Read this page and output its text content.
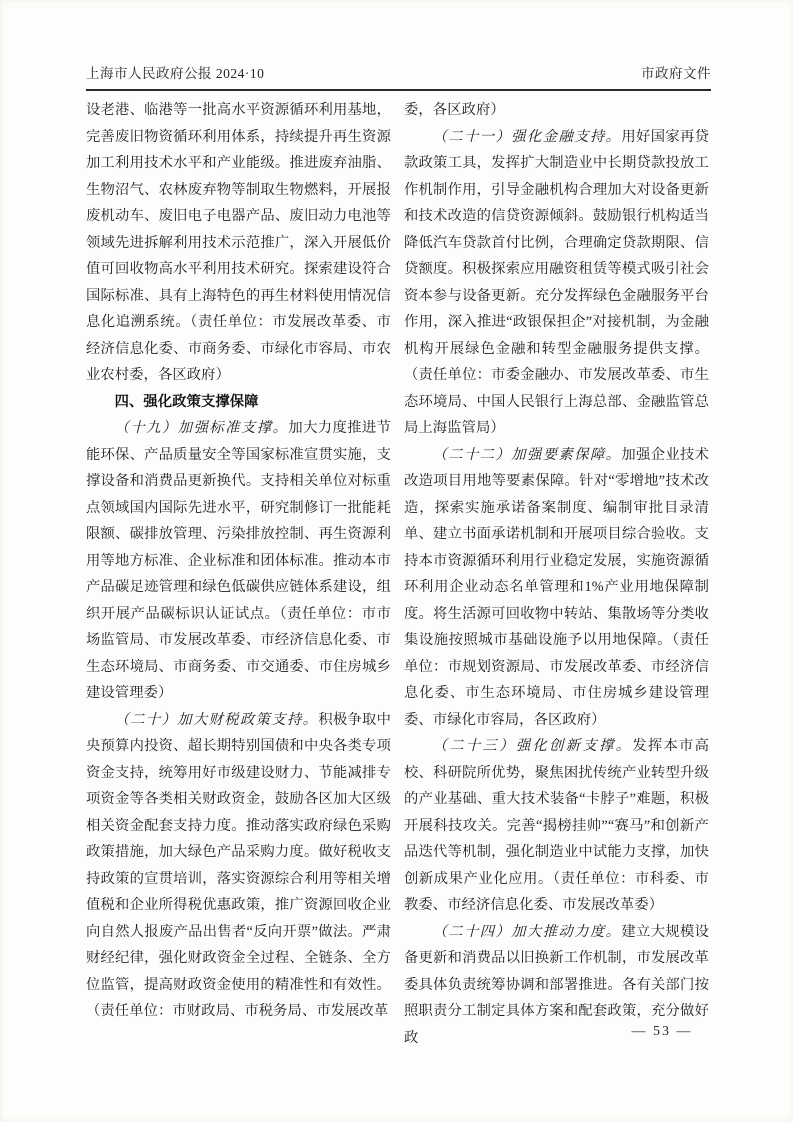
上海市人民政府公报 2024·10	市政府文件

设老港、临港等一批高水平资源循环利用基地，完善废旧物资循环利用体系，持续提升再生资源加工利用技术水平和产业能级。推进废弃油脂、生物沼气、农林废弃物等制取生物燃料，开展报废机动车、废旧电子电器产品、废旧动力电池等领域先进拆解利用技术示范推广，深入开展低价值可回收物高水平利用技术研究。探索建设符合国际标准、具有上海特色的再生材料使用情况信息化追溯系统。（责任单位：市发展改革委、市经济信息化委、市商务委、市绿化市容局、市农业农村委，各区政府）

四、强化政策支撑保障

（十九）加强标准支撑。加大力度推进节能环保、产品质量安全等国家标准宣贯实施，支撑设备和消费品更新换代。支持相关单位对标重点领域国内国际先进水平，研究制修订一批能耗限额、碳排放管理、污染排放控制、再生资源利用等地方标准、企业标准和团体标准。推动本市产品碳足迹管理和绿色低碳供应链体系建设，组织开展产品碳标识认证试点。（责任单位：市市场监管局、市发展改革委、市经济信息化委、市生态环境局、市商务委、市交通委、市住房城乡建设管理委）

（二十）加大财税政策支持。积极争取中央预算内投资、超长期特别国债和中央各类专项资金支持，统筹用好市级建设财力、节能减排专项资金等各类相关财政资金，鼓励各区加大区级相关资金配套支持力度。推动落实政府绿色采购政策措施，加大绿色产品采购力度。做好税收支持政策的宣贯培训，落实资源综合利用等相关增值税和企业所得税优惠政策，推广资源回收企业向自然人报废产品出售者“反向开票”做法。严肃财经纪律，强化财政资金全过程、全链条、全方位监管，提高财政资金使用的精准性和有效性。（责任单位：市财政局、市税务局、市发展改革

委，各区政府）

（二十一）强化金融支持。用好国家再贷款政策工具，发挥扩大制造业中长期贷款投放工作机制作用，引导金融机构合理加大对设备更新和技术改造的信贷资源倾斜。鼓励银行机构适当降低汽车贷款首付比例，合理确定贷款期限、信贷额度。积极探索应用融资租赁等模式吸引社会资本参与设备更新。充分发挥绿色金融服务平台作用，深入推进“政银保担企”对接机制，为金融机构开展绿色金融和转型金融服务提供支撑。（责任单位：市委金融办、市发展改革委、市生态环境局、中国人民银行上海总部、金融监管总局上海监管局）

（二十二）加强要素保障。加强企业技术改造项目用地等要素保障。针对“零增地”技术改造，探索实施承诺备案制度、编制审批目录清单、建立书面承诺机制和开展项目综合验收。支持本市资源循环利用行业稳定发展，实施资源循环利用企业动态名单管理和1%产业用地保障制度。将生活源可回收物中转站、集散场等分类收集设施按照城市基础设施予以用地保障。（责任单位：市规划资源局、市发展改革委、市经济信息化委、市生态环境局、市住房城乡建设管理委、市绿化市容局，各区政府）

（二十三）强化创新支撑。发挥本市高校、科研院所优势，聚焦困扰传统产业转型升级的产业基础、重大技术装备“卡脖子”难题，积极开展科技攻关。完善“揭榜挂帅”“赛马”和创新产品迭代等机制，强化制造业中试能力支撑，加快创新成果产业化应用。（责任单位：市科委、市教委、市经济信息化委、市发展改革委）

（二十四）加大推动力度。建立大规模设备更新和消费品以旧换新工作机制，市发展改革委具体负责统筹协调和部署推进。各有关部门按照职责分工制定具体方案和配套政策，充分做好政	— 53 —
